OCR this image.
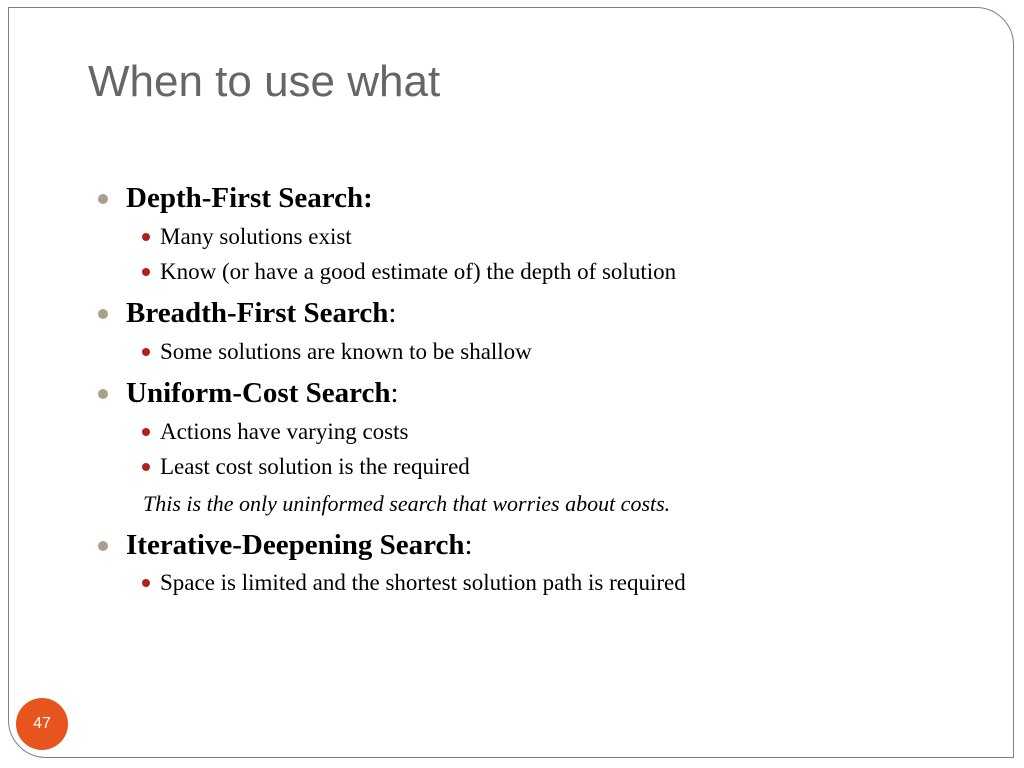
When to use what
Depth-First Search:
Many solutions exist
Know (or have a good estimate of) the depth of solution
Breadth-First Search :
Some solutions are known to be shallow
Uniform-Cost Search :
Actions have varying costs
Least cost solution is the required
This is the only uninformed search that worries about costs.
Iterative-Deepening Search :
Space is limited and the shortest solution path is required
47
